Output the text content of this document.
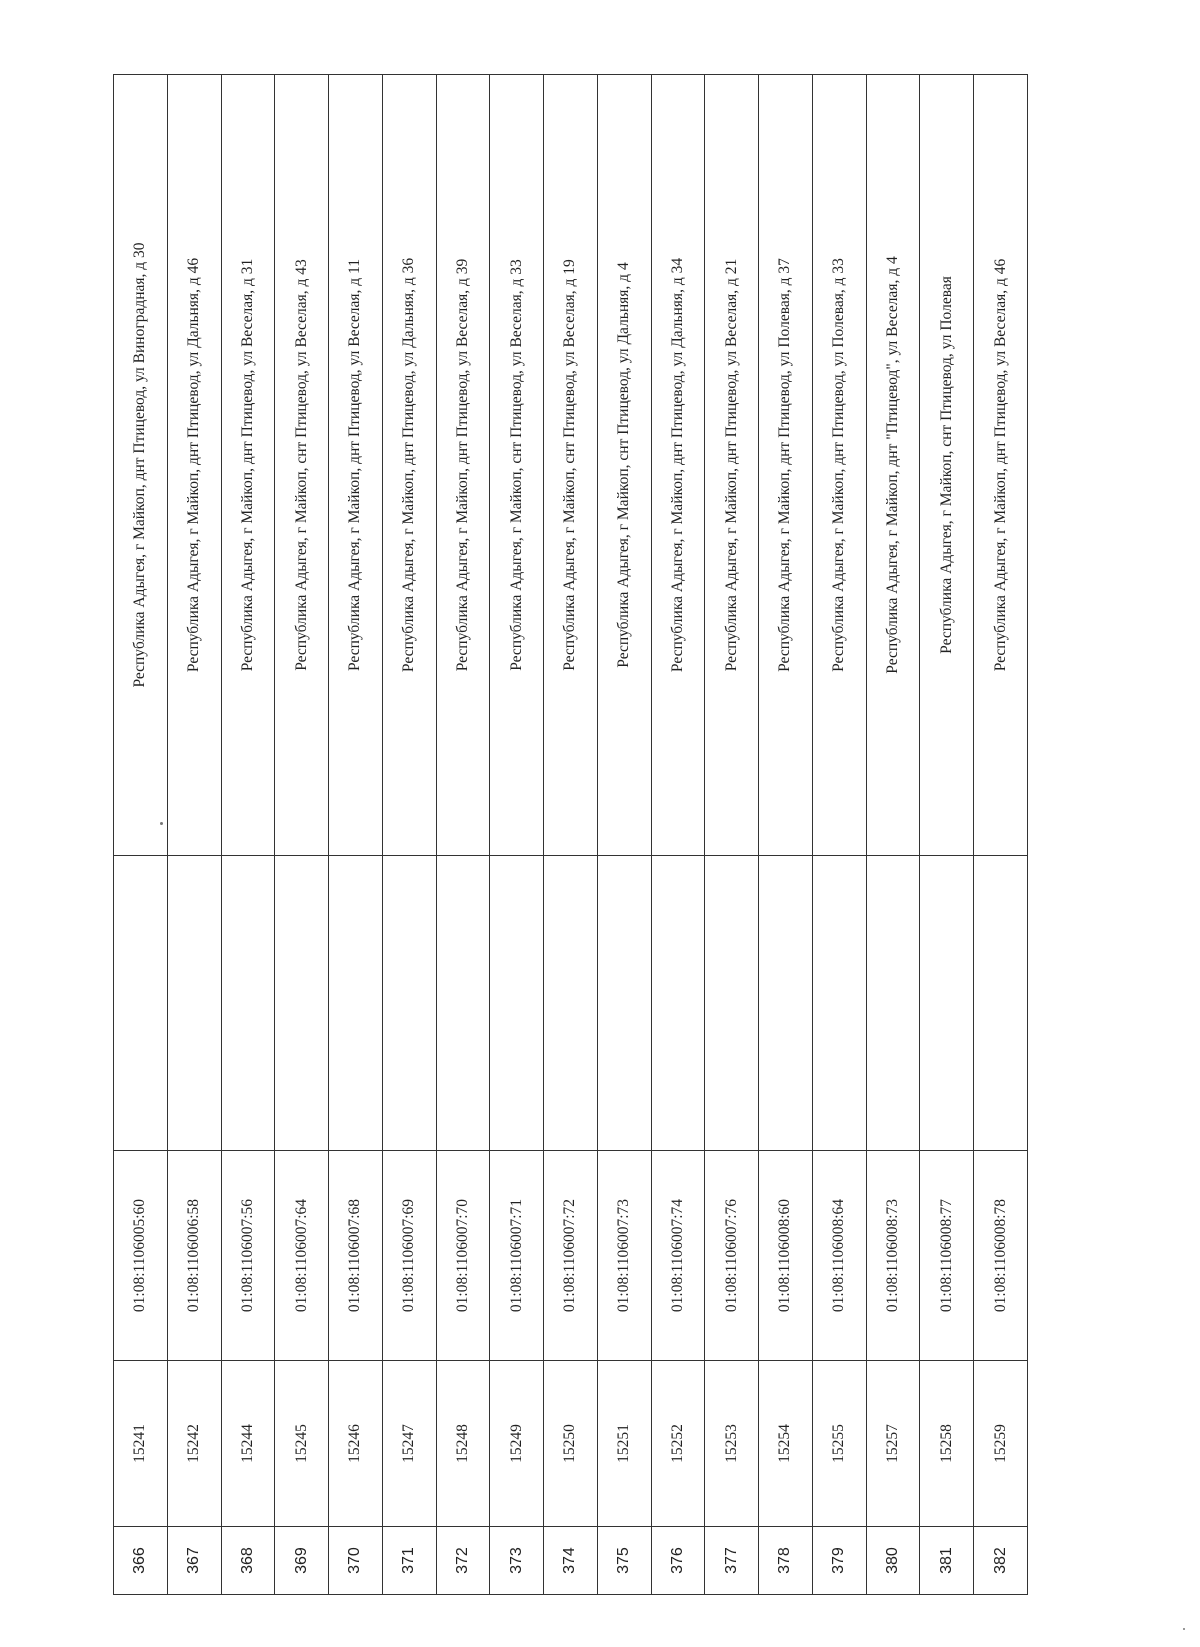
366	15241	01:08:1106005:60		Республика Адыгея, г Майкоп, днт Птицевод, ул Виноградная, д 30
367	15242	01:08:1106006:58		Республика Адыгея, г Майкоп, днт Птицевод, ул Дальняя, д 46
368	15244	01:08:1106007:56		Республика Адыгея, г Майкоп, днт Птицевод, ул Веселая, д 31
369	15245	01:08:1106007:64		Республика Адыгея, г Майкоп, снт Птицевод, ул Веселая, д 43
370	15246	01:08:1106007:68		Республика Адыгея, г Майкоп, днт Птицевод, ул Веселая, д 11
371	15247	01:08:1106007:69		Республика Адыгея, г Майкоп, днт Птицевод, ул Дальняя, д 36
372	15248	01:08:1106007:70		Республика Адыгея, г Майкоп, днт Птицевод, ул Веселая, д 39
373	15249	01:08:1106007:71		Республика Адыгея, г Майкоп, снт Птицевод, ул Веселая, д 33
374	15250	01:08:1106007:72		Республика Адыгея, г Майкоп, снт Птицевод, ул Веселая, д 19
375	15251	01:08:1106007:73		Республика Адыгея, г Майкоп, снт Птицевод, ул Дальняя, д 4
376	15252	01:08:1106007:74		Республика Адыгея, г Майкоп, днт Птицевод, ул Дальняя, д 34
377	15253	01:08:1106007:76		Республика Адыгея, г Майкоп, днт Птицевод, ул Веселая, д 21
378	15254	01:08:1106008:60		Республика Адыгея, г Майкоп, днт Птицевод, ул Полевая, д 37
379	15255	01:08:1106008:64		Республика Адыгея, г Майкоп, днт Птицевод, ул Полевая, д 33
380	15257	01:08:1106008:73		Республика Адыгея, г Майкоп, днт "Птицевод", ул Веселая, д 4
381	15258	01:08:1106008:77		Республика Адыгея, г Майкоп, снт Птицевод, ул Полевая
382	15259	01:08:1106008:78		Республика Адыгея, г Майкоп, днт Птицевод, ул Веселая, д 46
